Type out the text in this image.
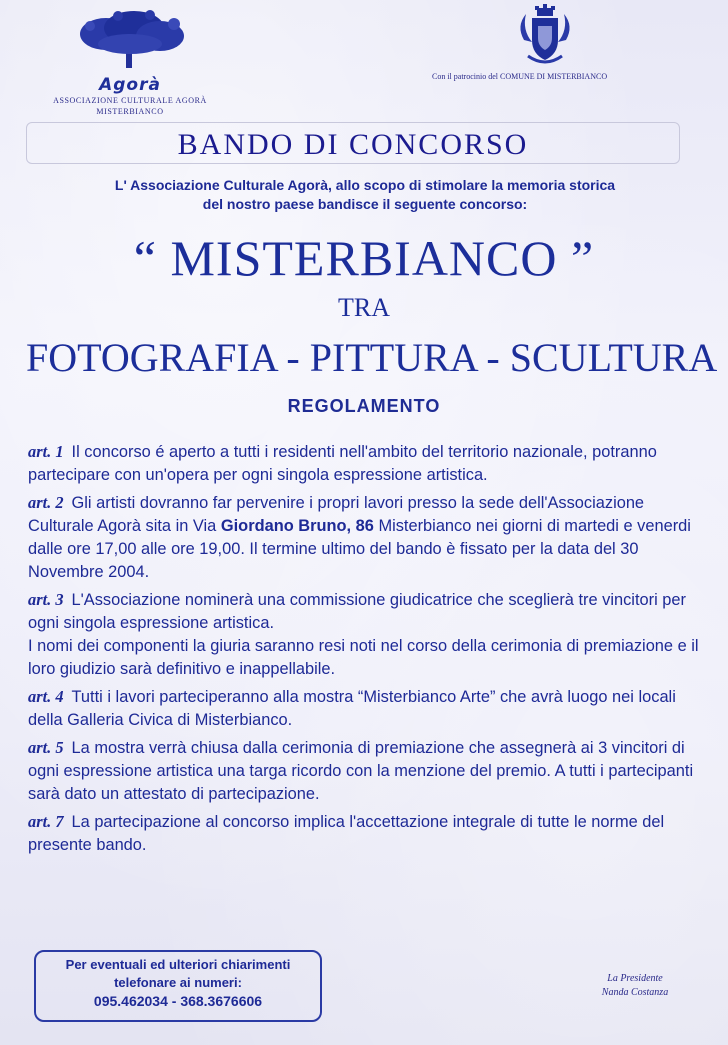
Agorà
ASSOCIAZIONE CULTURALE AGORÀ
MISTERBIANCO
Con il patrocinio del COMUNE DI MISTERBIANCO
BANDO DI CONCORSO
L' Associazione Culturale Agorà, allo scopo di stimolare la memoria storica
del nostro paese bandisce il seguente concorso:
“ MISTERBIANCO ”
TRA
FOTOGRAFIA - PITTURA - SCULTURA
REGOLAMENTO

art. 1 Il concorso é aperto a tutti i residenti nell'ambito del territorio nazionale, potranno partecipare con un'opera per ogni singola espressione artistica.

art. 2 Gli artisti dovranno far pervenire i propri lavori presso la sede dell'Associazione Culturale Agorà sita in Via Giordano Bruno, 86 Misterbianco nei giorni di martedi e venerdi dalle ore 17,00 alle ore 19,00. Il termine ultimo del bando è fissato per la data del 30 Novembre 2004.

art. 3 L'Associazione nominerà una commissione giudicatrice che sceglierà tre vincitori per ogni singola espressione artistica.
I nomi dei componenti la giuria saranno resi noti nel corso della cerimonia di premiazione e il loro giudizio sarà definitivo e inappellabile.

art. 4 Tutti i lavori parteciperanno alla mostra “Misterbianco Arte” che avrà luogo nei locali della Galleria Civica di Misterbianco.

art. 5 La mostra verrà chiusa dalla cerimonia di premiazione che assegnerà ai 3 vincitori di ogni espressione artistica una targa ricordo con la menzione del premio. A tutti i partecipanti sarà dato un attestato di partecipazione.

art. 7 La partecipazione al concorso implica l'accettazione integrale di tutte le norme del presente bando.

Per eventuali ed ulteriori chiarimenti
telefonare ai numeri:
095.462034 - 368.3676606
La Presidente
Nanda Costanza
